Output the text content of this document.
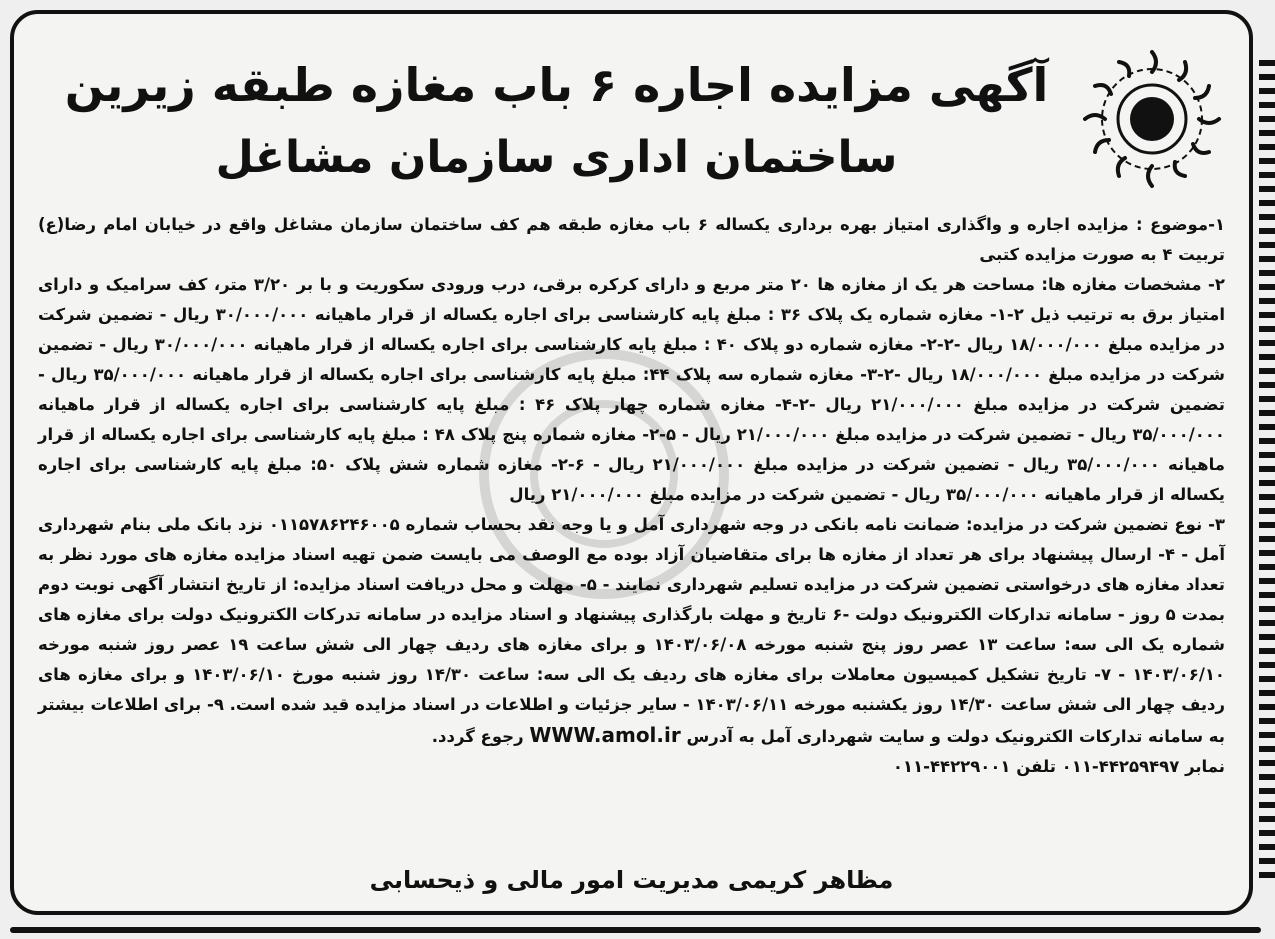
آگهی مزایده اجاره ۶ باب مغازه طبقه زیرین
ساختمان اداری سازمان مشاغل

۱-موضوع : مزایده اجاره و واگذاری امتیاز بهره برداری یکساله ۶ باب مغازه طبقه هم کف ساختمان سازمان مشاغل واقع در خیابان امام رضا(ع) تربیت ۴ به صورت مزایده کتبی

۲- مشخصات مغازه ها: مساحت هر یک از مغازه ها ۲۰ متر مربع و دارای کرکره برقی، درب ورودی سکوریت و با بر ۳/۲۰ متر، کف سرامیک و دارای امتیاز برق به ترتیب ذیل ۲-۱- مغازه شماره یک پلاک ۳۶ : مبلغ پایه کارشناسی برای اجاره یکساله از قرار ماهیانه ۳۰/۰۰۰/۰۰۰ ریال - تضمین شرکت در مزایده مبلغ ۱۸/۰۰۰/۰۰۰ ریال -۲-۲- مغازه شماره دو پلاک ۴۰ : مبلغ پایه کارشناسی برای اجاره یکساله از قرار ماهیانه ۳۰/۰۰۰/۰۰۰ ریال - تضمین شرکت در مزایده مبلغ ۱۸/۰۰۰/۰۰۰ ریال -۲-۳- مغازه شماره سه پلاک ۴۴: مبلغ پایه کارشناسی برای اجاره یکساله از قرار ماهیانه ۳۵/۰۰۰/۰۰۰ ریال - تضمین شرکت در مزایده مبلغ ۲۱/۰۰۰/۰۰۰ ریال -۲-۴- مغازه شماره چهار پلاک ۴۶ : مبلغ پایه کارشناسی برای اجاره یکساله از قرار ماهیانه ۳۵/۰۰۰/۰۰۰ ریال - تضمین شرکت در مزایده مبلغ ۲۱/۰۰۰/۰۰۰ ریال - ۵-۲- مغازه شماره پنج پلاک ۴۸ : مبلغ پایه کارشناسی برای اجاره یکساله از قرار ماهیانه ۳۵/۰۰۰/۰۰۰ ریال - تضمین شرکت در مزایده مبلغ ۲۱/۰۰۰/۰۰۰ ریال - ۶-۲- مغازه شماره شش پلاک ۵۰: مبلغ پایه کارشناسی برای اجاره یکساله از قرار ماهیانه ۳۵/۰۰۰/۰۰۰ ریال - تضمین شرکت در مزایده مبلغ ۲۱/۰۰۰/۰۰۰ ریال

۳- نوع تضمین شرکت در مزایده: ضمانت نامه بانکی در وجه شهرداری آمل و یا وجه نقد بحساب شماره ۰۱۱۵۷۸۶۲۴۶۰۰۵ نزد بانک ملی بنام شهرداری آمل - ۴- ارسال پیشنهاد برای هر تعداد از مغازه ها برای متقاضیان آزاد بوده مع الوصف می بایست ضمن تهیه اسناد مزایده مغازه های مورد نظر به تعداد مغازه های درخواستی تضمین شرکت در مزایده تسلیم شهرداری نمایند - ۵- مهلت و محل دریافت اسناد مزایده: از تاریخ انتشار آگهی نوبت دوم بمدت ۵ روز - سامانه تدارکات الکترونیک دولت -۶ تاریخ و مهلت بارگذاری پیشنهاد و اسناد مزایده در سامانه تدرکات الکترونیک دولت برای مغازه های شماره یک الی سه: ساعت ۱۳ عصر روز پنج شنبه مورخه ۱۴۰۳/۰۶/۰۸ و برای مغازه های ردیف چهار الی شش ساعت ۱۹ عصر روز شنبه مورخه ۱۴۰۳/۰۶/۱۰ - ۷- تاریخ تشکیل کمیسیون معاملات برای مغازه های ردیف یک الی سه: ساعت ۱۴/۳۰ روز شنبه مورخ ۱۴۰۳/۰۶/۱۰ و برای مغازه های ردیف چهار الی شش ساعت ۱۴/۳۰ روز یکشنبه مورخه ۱۴۰۳/۰۶/۱۱ - سایر جزئیات و اطلاعات در اسناد مزایده قید شده است. ۹- برای اطلاعات بیشتر به سامانه تدارکات الکترونیک دولت و سایت شهرداری آمل به آدرس WWW.amol.ir رجوع گردد.

نمابر ۴۴۲۵۹۴۹۷-۰۱۱ تلفن ۴۴۲۲۹۰۰۱-۰۱۱

مظاهر کریمی مدیریت امور مالی و ذیحسابی
